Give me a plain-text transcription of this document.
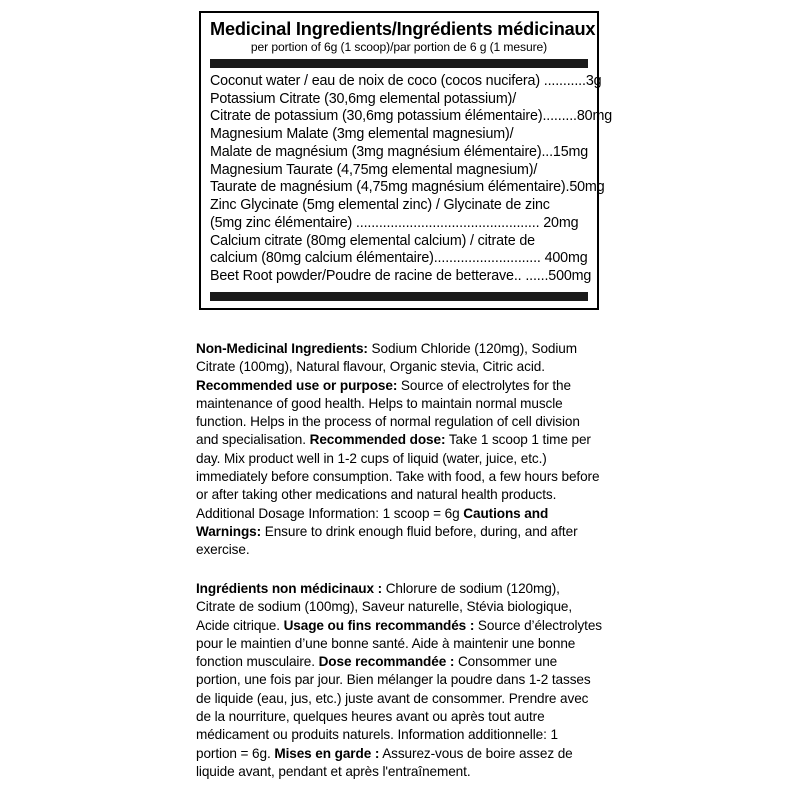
Medicinal Ingredients/Ingrédients médicinaux
per portion of 6g (1 scoop)/par portion de 6 g (1 mesure)
Coconut water / eau de noix de coco (cocos nucifera) ...........3g
Potassium Citrate (30,6mg elemental potassium)/
Citrate de potassium (30,6mg potassium élémentaire).........80mg
Magnesium Malate (3mg elemental magnesium)/
Malate de magnésium (3mg magnésium élémentaire)...15mg
Magnesium Taurate (4,75mg elemental magnesium)/
Taurate de magnésium (4,75mg magnésium élémentaire).50mg
Zinc Glycinate (5mg elemental zinc) / Glycinate de zinc
(5mg zinc élémentaire) ................................................ 20mg
Calcium citrate (80mg elemental calcium) / citrate de
calcium (80mg calcium élémentaire)............................ 400mg
Beet Root powder/Poudre de racine de betterave.. ......500mg
Non-Medicinal Ingredients: Sodium Chloride (120mg), Sodium Citrate (100mg), Natural flavour, Organic stevia, Citric acid. Recommended use or purpose: Source of electrolytes for the maintenance of good health. Helps to maintain normal muscle function. Helps in the process of normal regulation of cell division and specialisation. Recommended dose: Take 1 scoop 1 time per day. Mix product well in 1-2 cups of liquid (water, juice, etc.) immediately before consumption. Take with food, a few hours before or after taking other medications and natural health products. Additional Dosage Information: 1 scoop = 6g Cautions and Warnings: Ensure to drink enough fluid before, during, and after exercise.
Ingrédients non médicinaux : Chlorure de sodium (120mg), Citrate de sodium (100mg), Saveur naturelle, Stévia biologique, Acide citrique. Usage ou fins recommandés : Source d’électrolytes pour le maintien d’une bonne santé. Aide à maintenir une bonne fonction musculaire. Dose recommandée : Consommer une portion, une fois par jour. Bien mélanger la poudre dans 1-2 tasses de liquide (eau, jus, etc.) juste avant de consommer. Prendre avec de la nourriture, quelques heures avant ou après tout autre médicament ou produits naturels. Information additionnelle: 1 portion = 6g. Mises en garde : Assurez-vous de boire assez de liquide avant, pendant et après l'entraînement.
